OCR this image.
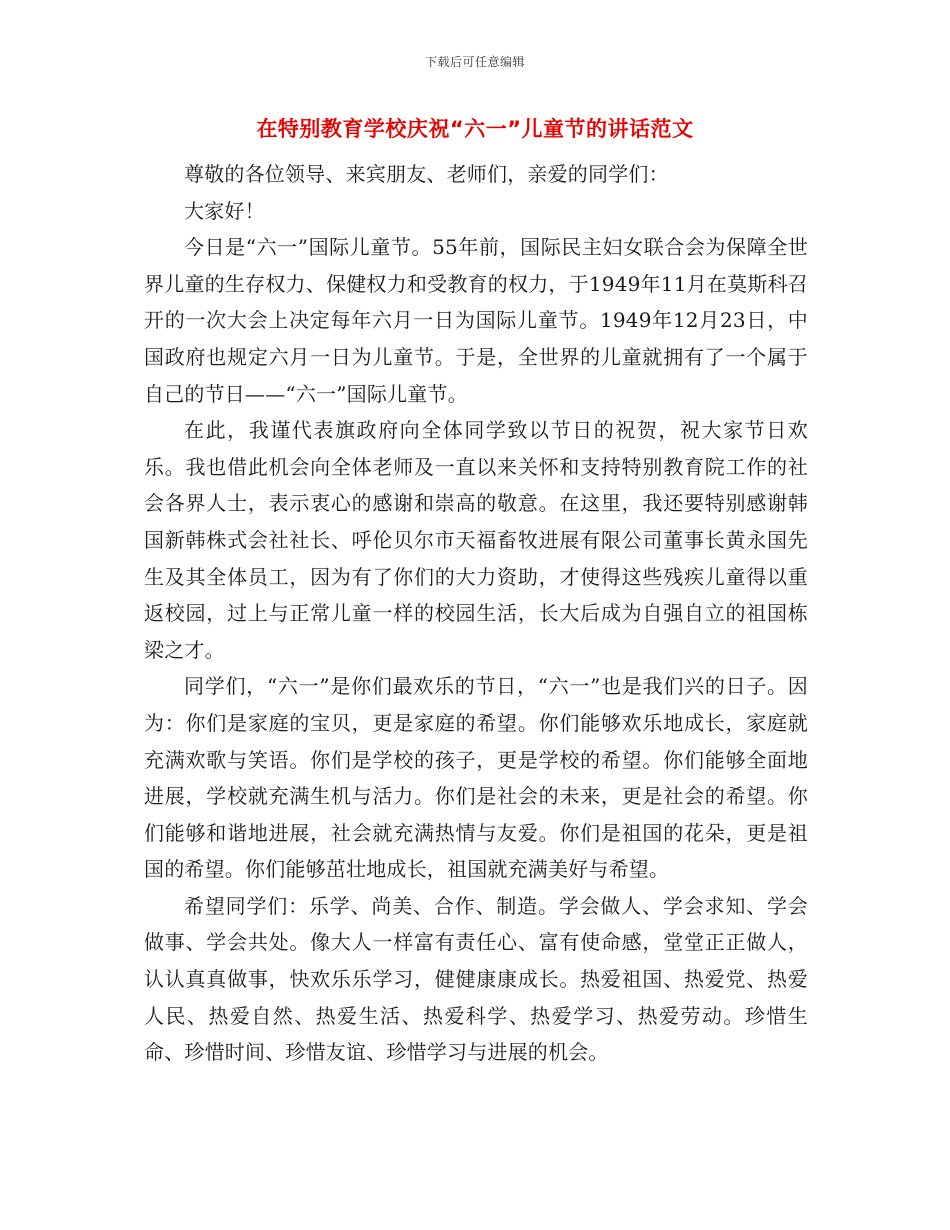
下载后可任意编辑
在特别教育学校庆祝“六一”儿童节的讲话范文

尊敬的各位领导、来宾朋友、老师们，亲爱的同学们：

大家好！

今日是“六一”国际儿童节。55年前，国际民主妇女联合会为保障全世界儿童的生存权力、保健权力和受教育的权力，于1949年11月在莫斯科召开的一次大会上决定每年六月一日为国际儿童节。1949年12月23日，中国政府也规定六月一日为儿童节。于是，全世界的儿童就拥有了一个属于自己的节日——“六一”国际儿童节。

在此，我谨代表旗政府向全体同学致以节日的祝贺，祝大家节日欢乐。我也借此机会向全体老师及一直以来关怀和支持特别教育院工作的社会各界人士，表示衷心的感谢和崇高的敬意。在这里，我还要特别感谢韩国新韩株式会社社长、呼伦贝尔市天福畜牧进展有限公司董事长黄永国先生及其全体员工，因为有了你们的大力资助，才使得这些残疾儿童得以重返校园，过上与正常儿童一样的校园生活，长大后成为自强自立的祖国栋梁之才。

同学们，“六一”是你们最欢乐的节日，“六一”也是我们兴的日子。因为：你们是家庭的宝贝，更是家庭的希望。你们能够欢乐地成长，家庭就充满欢歌与笑语。你们是学校的孩子，更是学校的希望。你们能够全面地进展，学校就充满生机与活力。你们是社会的未来，更是社会的希望。你们能够和谐地进展，社会就充满热情与友爱。你们是祖国的花朵，更是祖国的希望。你们能够茁壮地成长，祖国就充满美好与希望。

希望同学们：乐学、尚美、合作、制造。学会做人、学会求知、学会做事、学会共处。像大人一样富有责任心、富有使命感，堂堂正正做人，认认真真做事，快欢乐乐学习，健健康康成长。热爱祖国、热爱党、热爱人民、热爱自然、热爱生活、热爱科学、热爱学习、热爱劳动。珍惜生命、珍惜时间、珍惜友谊、珍惜学习与进展的机会。
